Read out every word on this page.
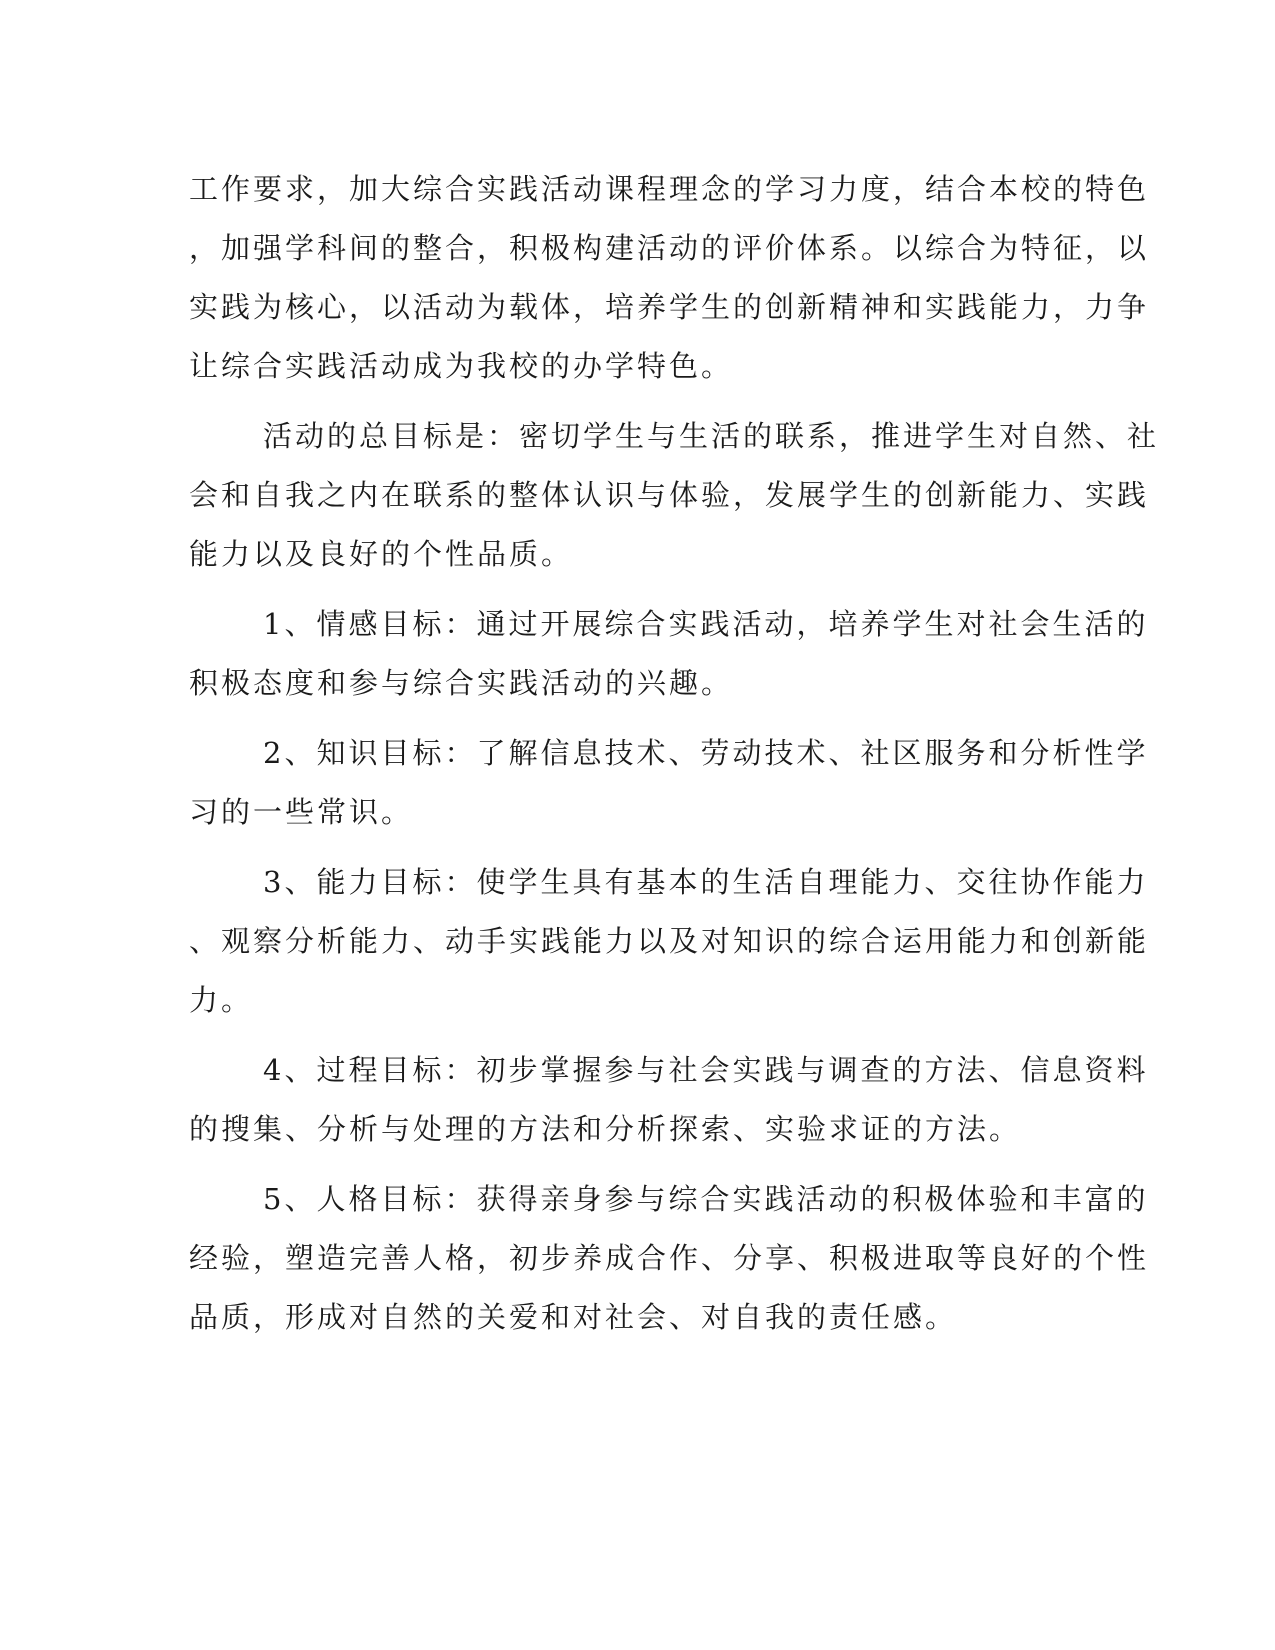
工作要求，加大综合实践活动课程理念的学习力度，结合本校的特色
，加强学科间的整合，积极构建活动的评价体系。以综合为特征，以
实践为核心，以活动为载体，培养学生的创新精神和实践能力，力争
让综合实践活动成为我校的办学特色。
活动的总目标是：密切学生与生活的联系，推进学生对自然、社
会和自我之内在联系的整体认识与体验，发展学生的创新能力、实践
能力以及良好的个性品质。
1、情感目标：通过开展综合实践活动，培养学生对社会生活的
积极态度和参与综合实践活动的兴趣。
2、知识目标：了解信息技术、劳动技术、社区服务和分析性学
习的一些常识。
3、能力目标：使学生具有基本的生活自理能力、交往协作能力
、观察分析能力、动手实践能力以及对知识的综合运用能力和创新能
力。
4、过程目标：初步掌握参与社会实践与调查的方法、信息资料
的搜集、分析与处理的方法和分析探索、实验求证的方法。
5、人格目标：获得亲身参与综合实践活动的积极体验和丰富的
经验，塑造完善人格，初步养成合作、分享、积极进取等良好的个性
品质，形成对自然的关爱和对社会、对自我的责任感。
